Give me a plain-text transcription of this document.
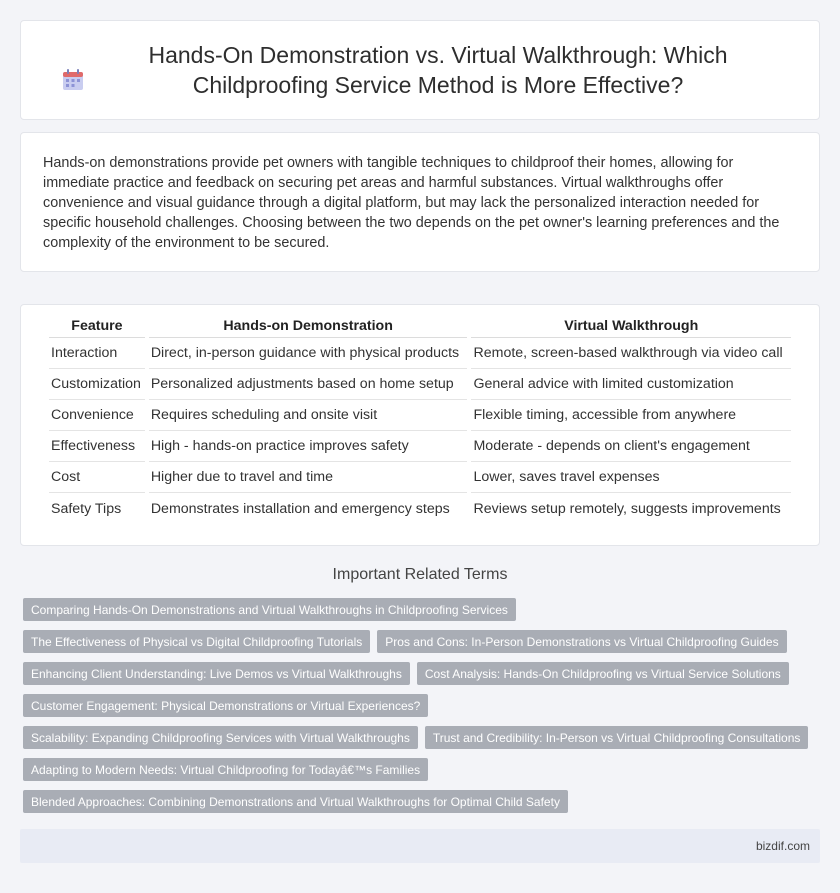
Hands-On Demonstration vs. Virtual Walkthrough: Which Childproofing Service Method is More Effective?

Hands-on demonstrations provide pet owners with tangible techniques to childproof their homes, allowing for immediate practice and feedback on securing pet areas and harmful substances. Virtual walkthroughs offer convenience and visual guidance through a digital platform, but may lack the personalized interaction needed for specific household challenges. Choosing between the two depends on the pet owner's learning preferences and the complexity of the environment to be secured.

Feature	Hands-on Demonstration	Virtual Walkthrough
Interaction	Direct, in-person guidance with physical products	Remote, screen-based walkthrough via video call
Customization	Personalized adjustments based on home setup	General advice with limited customization
Convenience	Requires scheduling and onsite visit	Flexible timing, accessible from anywhere
Effectiveness	High - hands-on practice improves safety	Moderate - depends on client's engagement
Cost	Higher due to travel and time	Lower, saves travel expenses
Safety Tips	Demonstrates installation and emergency steps	Reviews setup remotely, suggests improvements
Important Related Terms
Comparing Hands-On Demonstrations and Virtual Walkthroughs in Childproofing Services
The Effectiveness of Physical vs Digital Childproofing Tutorials	Pros and Cons: In-Person Demonstrations vs Virtual Childproofing Guides
Enhancing Client Understanding: Live Demos vs Virtual Walkthroughs	Cost Analysis: Hands-On Childproofing vs Virtual Service Solutions
Customer Engagement: Physical Demonstrations or Virtual Experiences?
Scalability: Expanding Childproofing Services with Virtual Walkthroughs	Trust and Credibility: In-Person vs Virtual Childproofing Consultations
Adapting to Modern Needs: Virtual Childproofing for Todayâ€™s Families
Blended Approaches: Combining Demonstrations and Virtual Walkthroughs for Optimal Child Safety
bizdif.com
